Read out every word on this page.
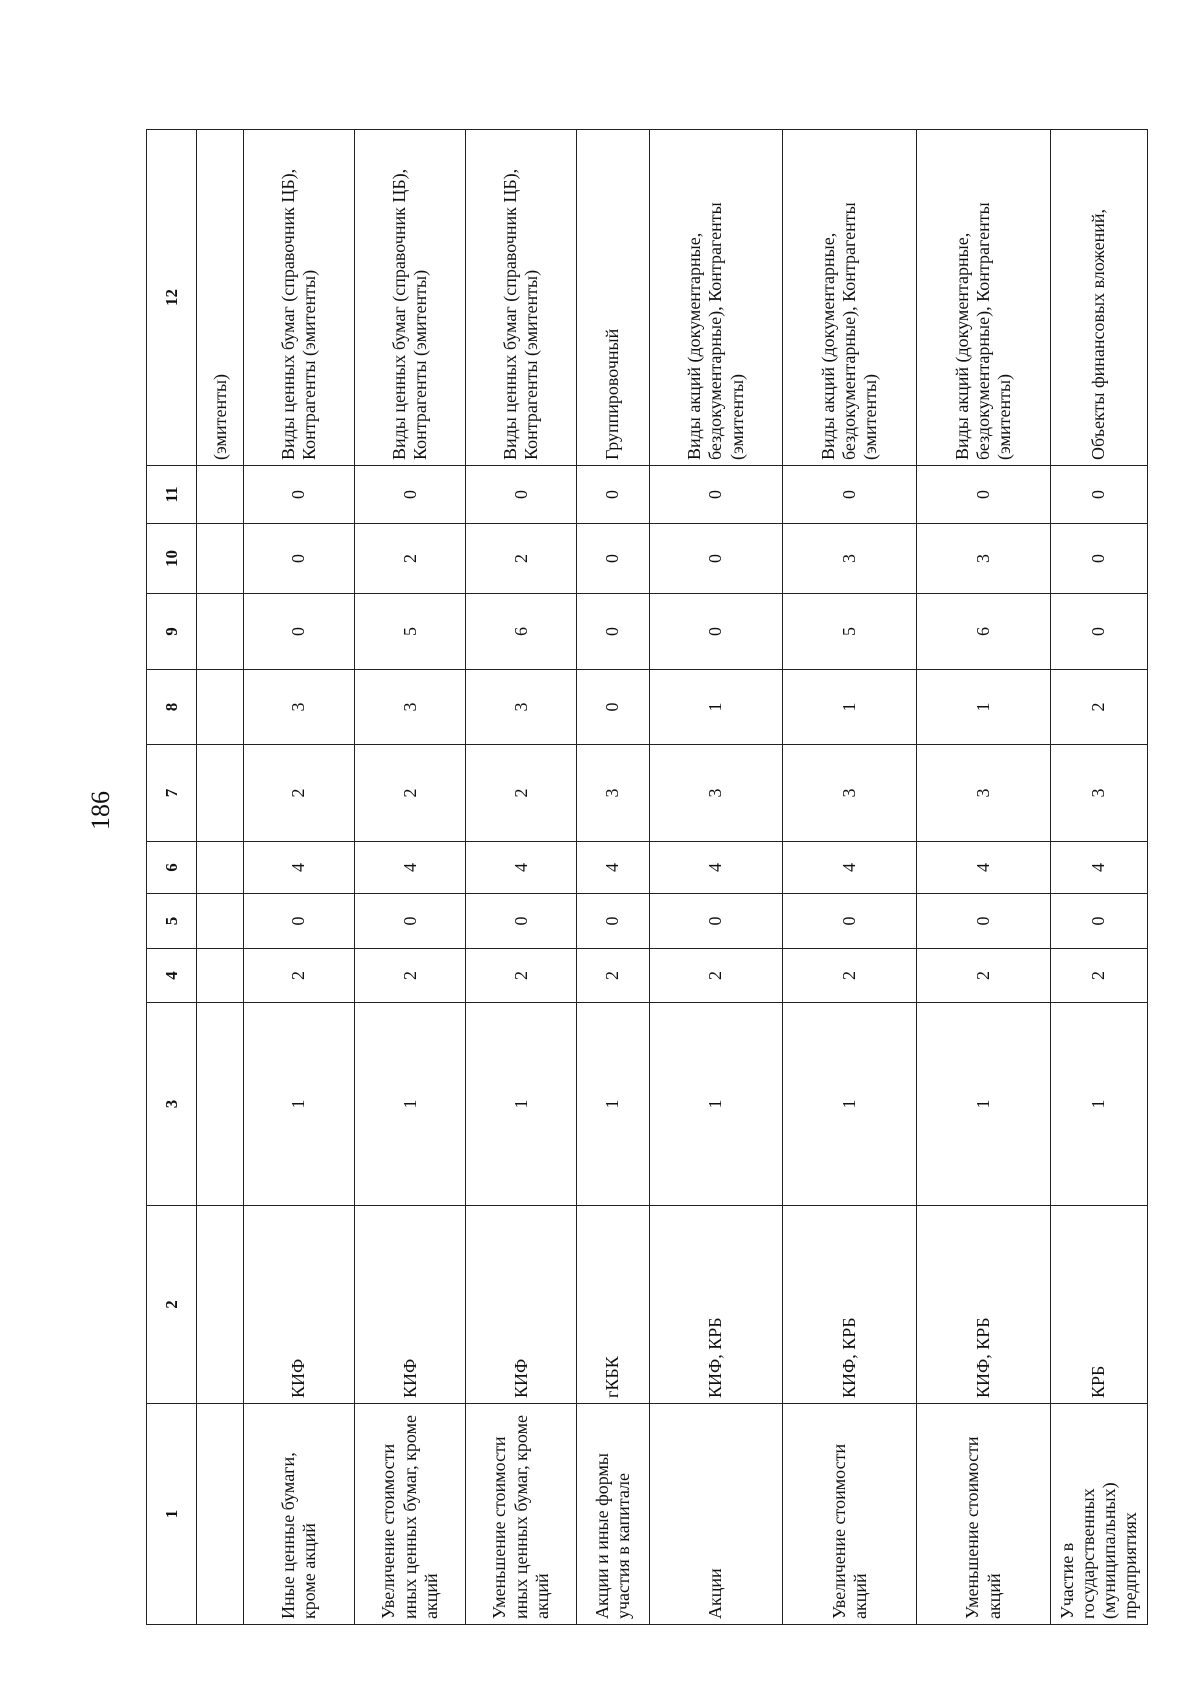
186
1	2	3	4	5	6	7	8	9	10	11	12
											(эмитенты)
Иные ценные бумаги, кроме акций	КИФ	1	2	0	4	2	3	0	0	0	Виды ценных бумаг (справочник ЦБ), Контрагенты (эмитенты)
Увеличение стоимости иных ценных бумаг, кроме акций	КИФ	1	2	0	4	2	3	5	2	0	Виды ценных бумаг (справочник ЦБ), Контрагенты (эмитенты)
Уменьшение стоимости иных ценных бумаг, кроме акций	КИФ	1	2	0	4	2	3	6	2	0	Виды ценных бумаг (справочник ЦБ), Контрагенты (эмитенты)
Акции и иные формы участия в капитале	гКБК	1	2	0	4	3	0	0	0	0	Группировочный
Акции	КИФ, КРБ	1	2	0	4	3	1	0	0	0	Виды акций (документарные, бездокументарные), Контрагенты (эмитенты)
Увеличение стоимости акций	КИФ, КРБ	1	2	0	4	3	1	5	3	0	Виды акций (документарные, бездокументарные), Контрагенты (эмитенты)
Уменьшение стоимости акций	КИФ, КРБ	1	2	0	4	3	1	6	3	0	Виды акций (документарные, бездокументарные), Контрагенты (эмитенты)
Участие в государственных (муниципальных) предприятиях	КРБ	1	2	0	4	3	2	0	0	0	Объекты финансовых вложений,
